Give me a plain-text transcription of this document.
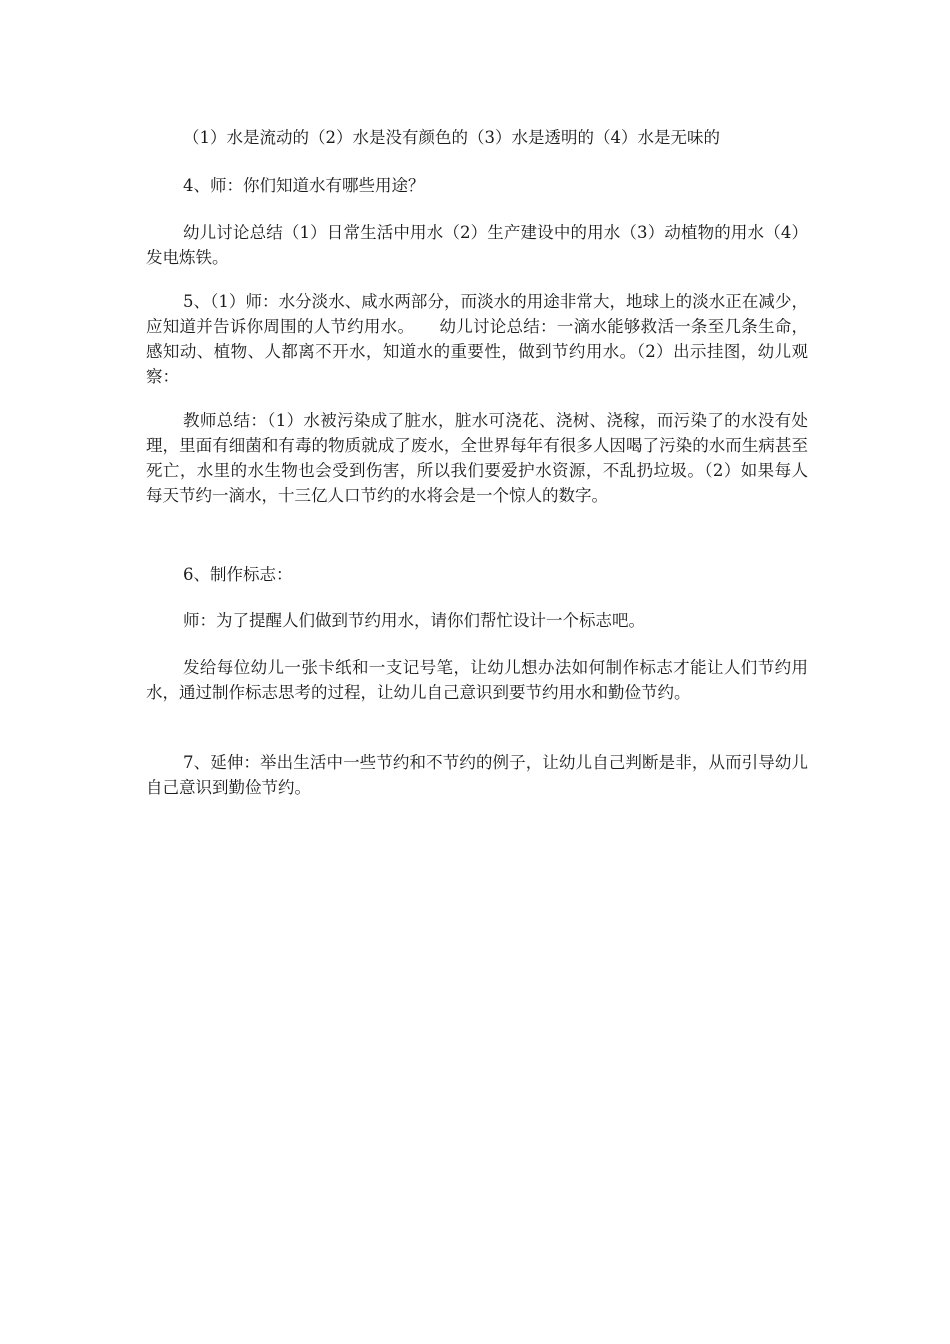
（1）水是流动的（2）水是没有颜色的（3）水是透明的（4）水是无味的

4、师：你们知道水有哪些用途？

幼儿讨论总结（1）日常生活中用水（2）生产建设中的用水（3）动植物的用水（4）发电炼铁。

5、（1）师：水分淡水、咸水两部分，而淡水的用途非常大，地球上的淡水正在减少，应知道并告诉你周围的人节约用水。　　幼儿讨论总结：一滴水能够救活一条至几条生命，感知动、植物、人都离不开水，知道水的重要性，做到节约用水。（2）出示挂图，幼儿观察：

教师总结：（1）水被污染成了脏水，脏水可浇花、浇树、浇稼，而污染了的水没有处理，里面有细菌和有毒的物质就成了废水，全世界每年有很多人因喝了污染的水而生病甚至死亡，水里的水生物也会受到伤害，所以我们要爱护水资源，不乱扔垃圾。（2）如果每人每天节约一滴水，十三亿人口节约的水将会是一个惊人的数字。

6、制作标志：

师：为了提醒人们做到节约用水，请你们帮忙设计一个标志吧。

发给每位幼儿一张卡纸和一支记号笔，让幼儿想办法如何制作标志才能让人们节约用水，通过制作标志思考的过程，让幼儿自己意识到要节约用水和勤俭节约。

7、延伸：举出生活中一些节约和不节约的例子，让幼儿自己判断是非，从而引导幼儿自己意识到勤俭节约。
